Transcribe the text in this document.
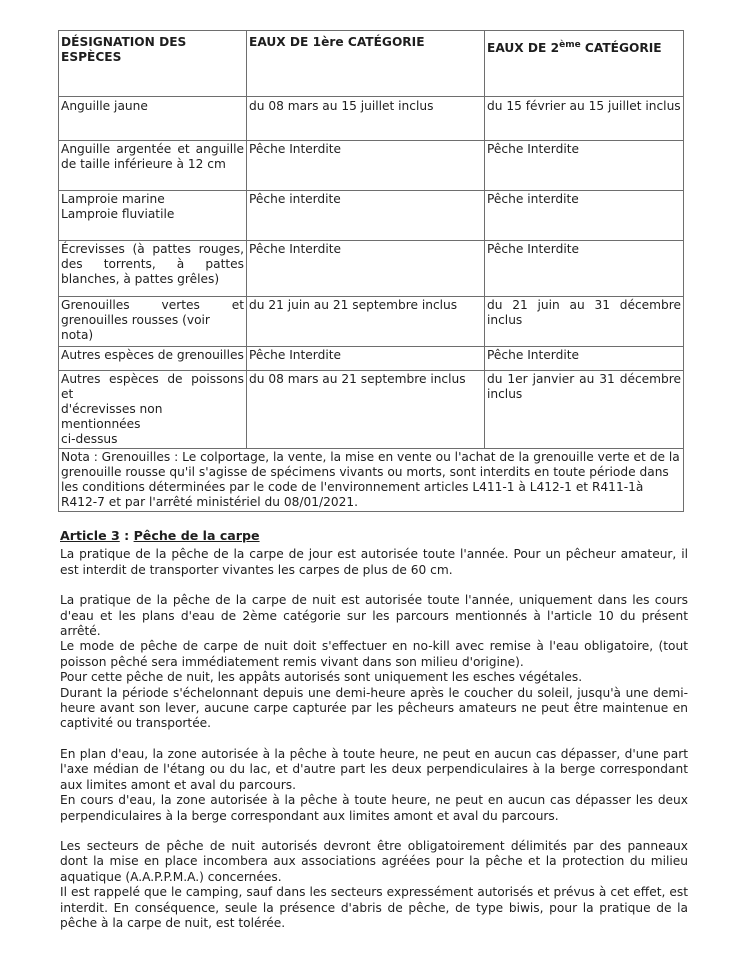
DÉSIGNATION DES ESPÈCES	EAUX DE 1ère CATÉGORIE	EAUX DE 2ème CATÉGORIE

Anguille jaune	du 08 mars au 15 juillet inclus	du 15 février au 15 juillet inclus

Anguille argentée et anguille
de taille inférieure à 12 cm	Pêche Interdite	Pêche Interdite

Lamproie marine
Lamproie fluviatile	Pêche interdite	Pêche interdite

Écrevisses (à pattes rouges,
des torrents, à pattes
blanches, à pattes grêles)	Pêche Interdite	Pêche Interdite

Grenouilles vertes et
grenouilles rousses (voir nota)	du 21 juin au 21 septembre inclus	du 21 juin au 31 décembre
inclus

Autres espèces de grenouilles	Pêche Interdite	Pêche Interdite

Autres espèces de poissons et
d'écrevisses non mentionnées
ci-dessus	du 08 mars au 21 septembre inclus	du 1er janvier au 31 décembre
inclus

Nota : Grenouilles : Le colportage, la vente, la mise en vente ou l'achat de la grenouille verte et de la grenouille rousse qu'il s'agisse de spécimens vivants ou morts, sont interdits en toute période dans les conditions déterminées par le code de l'environnement articles L411-1 à L412-1 et R411-1à R412-7 et par l'arrêté ministériel du 08/01/2021.		
Article 3 : Pêche de la carpe

La pratique de la pêche de la carpe de jour est autorisée toute l'année. Pour un pêcheur amateur, il est interdit de transporter vivantes les carpes de plus de 60 cm.

La pratique de la pêche de la carpe de nuit est autorisée toute l'année, uniquement dans les cours d'eau et les plans d'eau de 2ème catégorie sur les parcours mentionnés à l'article 10 du présent arrêté.

Le mode de pêche de carpe de nuit doit s'effectuer en no-kill avec remise à l'eau obligatoire, (tout poisson pêché sera immédiatement remis vivant dans son milieu d'origine).

Pour cette pêche de nuit, les appâts autorisés sont uniquement les esches végétales.

Durant la période s'échelonnant depuis une demi-heure après le coucher du soleil, jusqu'à une demi-heure avant son lever, aucune carpe capturée par les pêcheurs amateurs ne peut être maintenue en captivité ou transportée.

En plan d'eau, la zone autorisée à la pêche à toute heure, ne peut en aucun cas dépasser, d'une part l'axe médian de l'étang ou du lac, et d'autre part les deux perpendiculaires à la berge correspondant aux limites amont et aval du parcours.

En cours d'eau, la zone autorisée à la pêche à toute heure, ne peut en aucun cas dépasser les deux perpendiculaires à la berge correspondant aux limites amont et aval du parcours.

Les secteurs de pêche de nuit autorisés devront être obligatoirement délimités par des panneaux dont la mise en place incombera aux associations agréées pour la pêche et la protection du milieu aquatique (A.A.P.P.M.A.) concernées.

Il est rappelé que le camping, sauf dans les secteurs expressément autorisés et prévus à cet effet, est interdit. En conséquence, seule la présence d'abris de pêche, de type biwis, pour la pratique de la pêche à la carpe de nuit, est tolérée.
